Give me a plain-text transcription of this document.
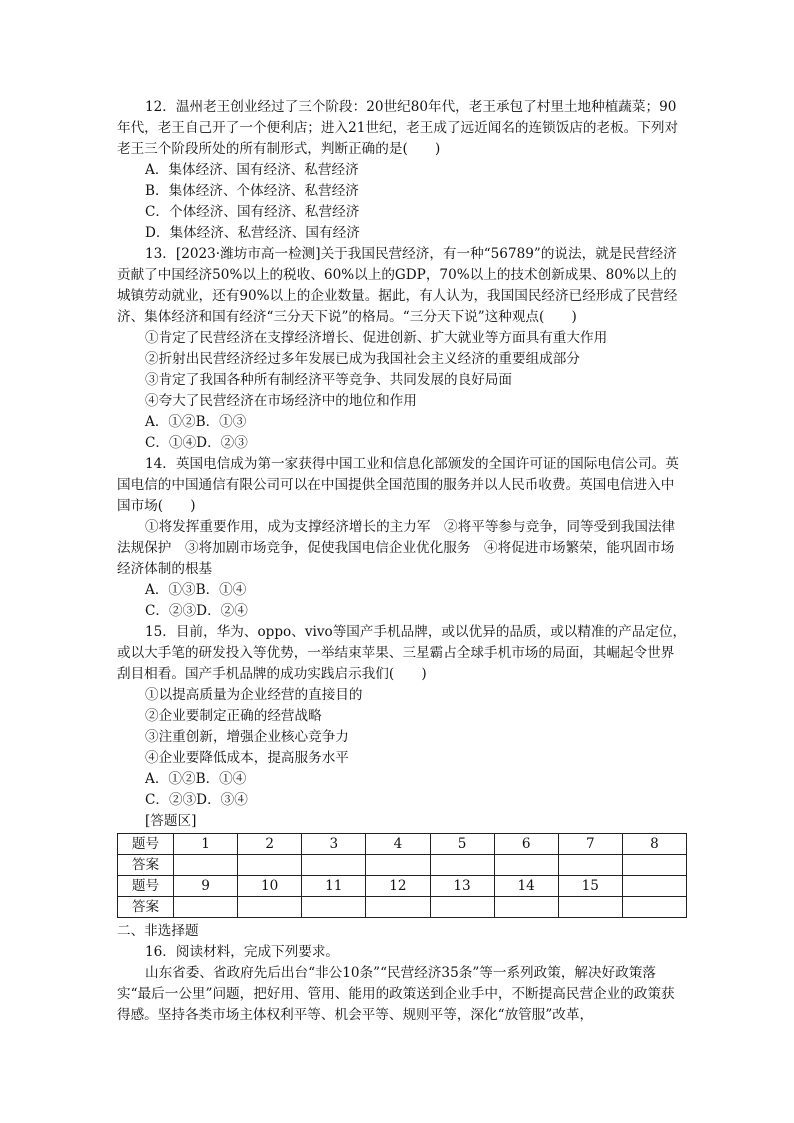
12．温州老王创业经过了三个阶段：20世纪80年代，老王承包了村里土地种植蔬菜；90年代，老王自己开了一个便利店；进入21世纪，老王成了远近闻名的连锁饭店的老板。下列对老王三个阶段所处的所有制形式，判断正确的是(　　)

A．集体经济、国有经济、私营经济

B．集体经济、个体经济、私营经济

C．个体经济、国有经济、私营经济

D．集体经济、私营经济、国有经济

13．[2023·潍坊市高一检测]关于我国民营经济，有一种“56789”的说法，就是民营经济贡献了中国经济50%以上的税收、60%以上的GDP，70%以上的技术创新成果、80%以上的城镇劳动就业，还有90%以上的企业数量。据此，有人认为，我国国民经济已经形成了民营经济、集体经济和国有经济“三分天下说”的格局。“三分天下说”这种观点(　　)

①肯定了民营经济在支撑经济增长、促进创新、扩大就业等方面具有重大作用

②折射出民营经济经过多年发展已成为我国社会主义经济的重要组成部分

③肯定了我国各种所有制经济平等竞争、共同发展的良好局面

④夸大了民营经济在市场经济中的地位和作用

A．①②B．①③

C．①④D．②③

14．英国电信成为第一家获得中国工业和信息化部颁发的全国许可证的国际电信公司。英国电信的中国通信有限公司可以在中国提供全国范围的服务并以人民币收费。英国电信进入中国市场(　　)

①将发挥重要作用，成为支撑经济增长的主力军　②将平等参与竞争，同等受到我国法律法规保护　③将加剧市场竞争，促使我国电信企业优化服务　④将促进市场繁荣，能巩固市场经济体制的根基

A．①③B．①④

C．②③D．②④

15．目前，华为、oppo、vivo等国产手机品牌，或以优异的品质，或以精准的产品定位，或以大手笔的研发投入等优势，一举结束苹果、三星霸占全球手机市场的局面，其崛起令世界刮目相看。国产手机品牌的成功实践启示我们(　　)

①以提高质量为企业经营的直接目的

②企业要制定正确的经营战略

③注重创新，增强企业核心竞争力

④企业要降低成本，提高服务水平

A．①②B．①④

C．②③D．③④

[答题区]

题号	1	2	3	4	5	6	7	8
答案								
题号	9	10	11	12	13	14	15	
答案								

二、非选择题

16．阅读材料，完成下列要求。

山东省委、省政府先后出台“非公10条”“民营经济35条”等一系列政策，解决好政策落实“最后一公里”问题，把好用、管用、能用的政策送到企业手中，不断提高民营企业的政策获得感。坚持各类市场主体权利平等、机会平等、规则平等，深化“放管服”改革，
